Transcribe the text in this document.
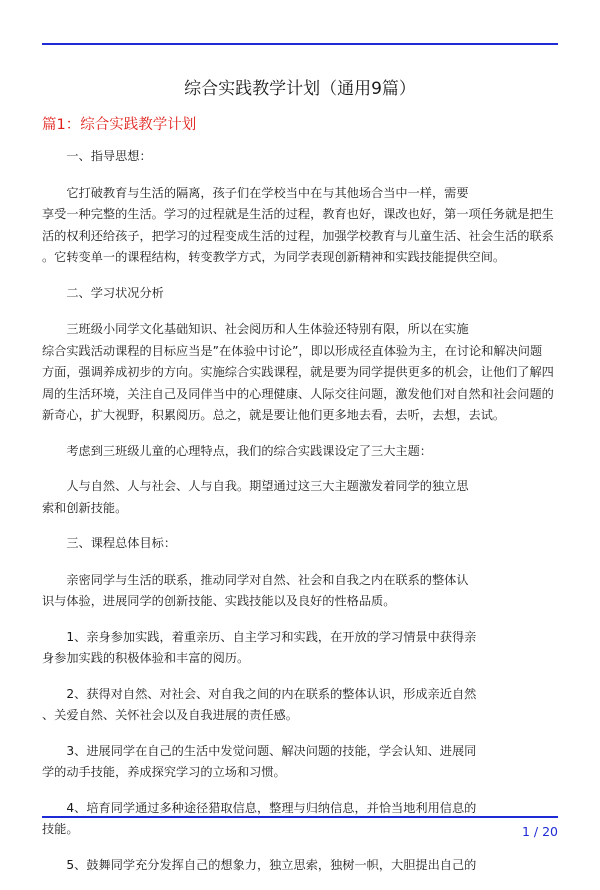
综合实践教学计划（通用9篇）
篇1：综合实践教学计划

　　一、指导思想：

　　它打破教育与生活的隔离，孩子们在学校当中在与其他场合当中一样，需要
享受一种完整的生活。学习的过程就是生活的过程，教育也好，课改也好，第一项任务就是把生
活的权利还给孩子，把学习的过程变成生活的过程，加强学校教育与儿童生活、社会生活的联系
。它转变单一的课程结构，转变教学方式，为同学表现创新精神和实践技能提供空间。

　　二、学习状况分析

　　三班级小同学文化基础知识、社会阅历和人生体验还特别有限，所以在实施
综合实践活动课程的目标应当是”在体验中讨论”，即以形成径直体验为主，在讨论和解决问题
方面，强调养成初步的方向。实施综合实践课程，就是要为同学提供更多的机会，让他们了解四
周的生活环境，关注自己及同伴当中的心理健康、人际交往问题，激发他们对自然和社会问题的
新奇心，扩大视野，积累阅历。总之，就是要让他们更多地去看，去听，去想，去试。

　　考虑到三班级儿童的心理特点，我们的综合实践课设定了三大主题：

　　人与自然、人与社会、人与自我。期望通过这三大主题激发着同学的独立思
索和创新技能。

　　三、课程总体目标：

　　亲密同学与生活的联系，推动同学对自然、社会和自我之内在联系的整体认
识与体验，进展同学的创新技能、实践技能以及良好的性格品质。

　　1、亲身参加实践，着重亲历、自主学习和实践，在开放的学习情景中获得亲
身参加实践的积极体验和丰富的阅历。

　　2、获得对自然、对社会、对自我之间的内在联系的整体认识，形成亲近自然
、关爱自然、关怀社会以及自我进展的责任感。

　　3、进展同学在自己的生活中发觉问题、解决问题的技能，学会认知、进展同
学的动手技能，养成探究学习的立场和习惯。

　　4、培育同学通过多种途径猎取信息，整理与归纳信息，并恰当地利用信息的
技能。

　　5、鼓舞同学充分发挥自己的想象力，独立思索，独树一帜，大胆提出自己的

1 / 20
